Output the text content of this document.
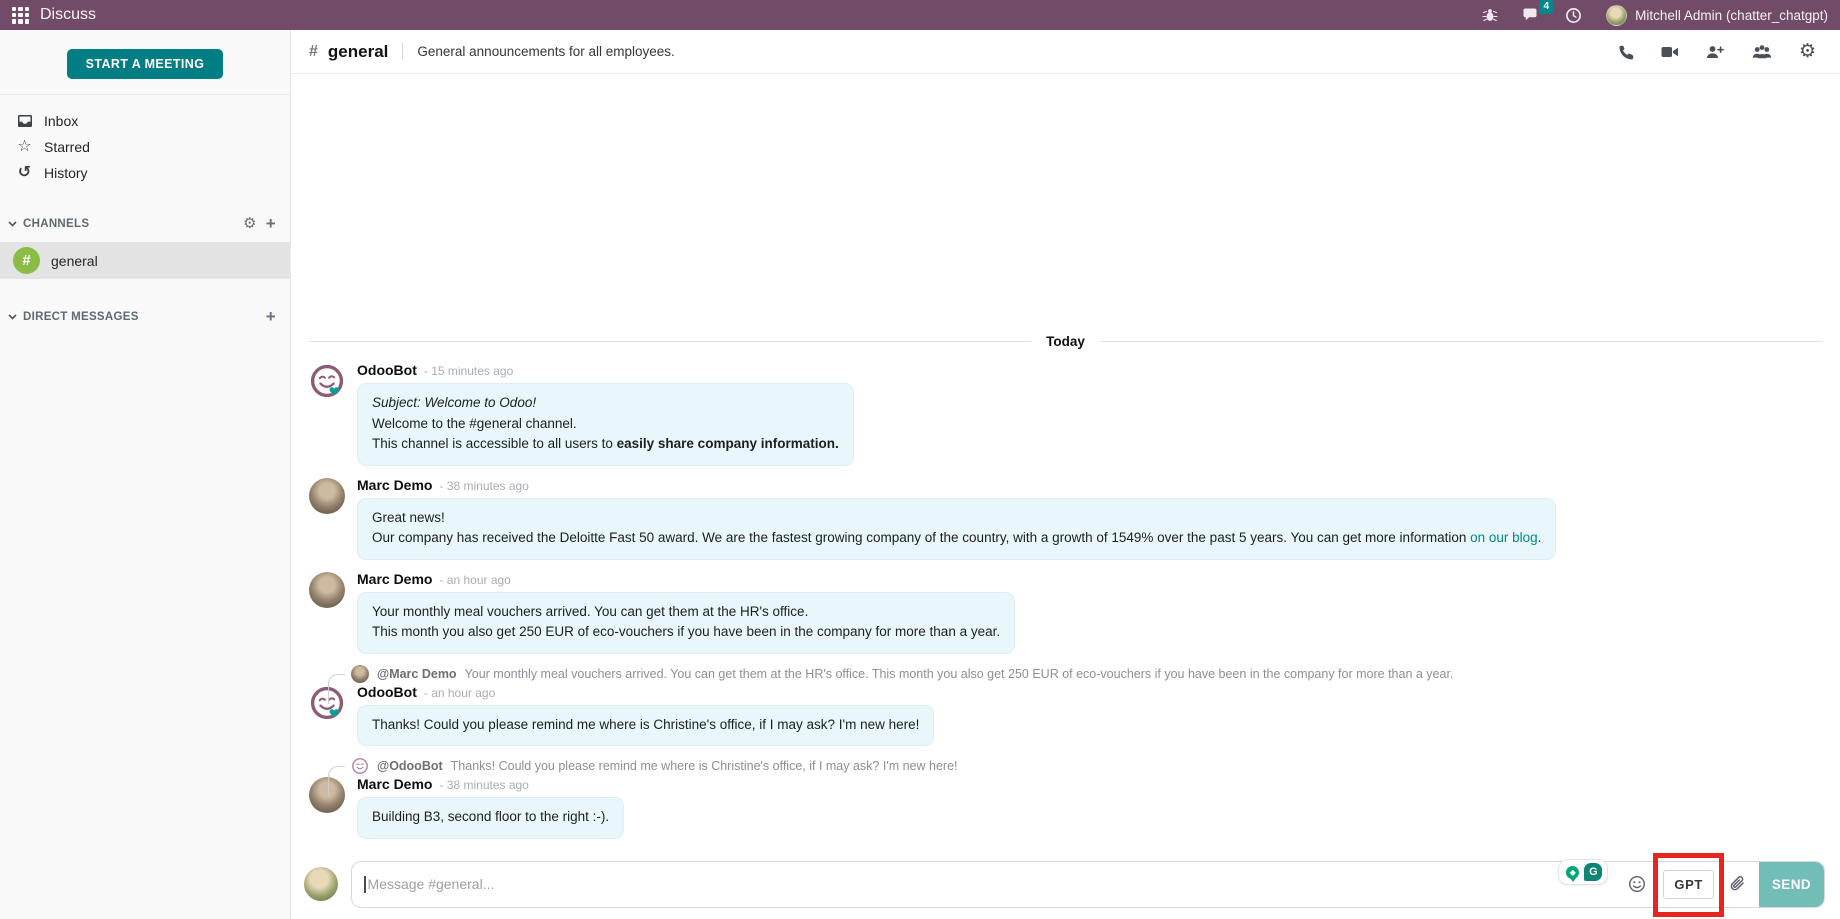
Discuss	4
Mitchell Admin (chatter_chatgpt)
START A MEETING
Inbox
☆ Starred
↺ History
CHANNELS	⚙ +
#	general
DIRECT MESSAGES	+
# general General announcements for all employees.	⚙
Today
OdooBot - 15 minutes ago
Subject: Welcome to Odoo!
Welcome to the #general channel.
This channel is accessible to all users to easily share company information.
Marc Demo - 38 minutes ago
Great news!
Our company has received the Deloitte Fast 50 award. We are the fastest growing company of the country, with a growth of 1549% over the past 5 years. You can get more information on our blog.
Marc Demo - an hour ago
Your monthly meal vouchers arrived. You can get them at the HR's office.
This month you also get 250 EUR of eco-vouchers if you have been in the company for more than a year.
@Marc Demo Your monthly meal vouchers arrived. You can get them at the HR's office. This month you also get 250 EUR of eco-vouchers if you have been in the company for more than a year.
OdooBot - an hour ago
Thanks! Could you please remind me where is Christine's office, if I may ask? I'm new here!
@OdooBot Thanks! Could you please remind me where is Christine's office, if I may ask? I'm new here!
Marc Demo - 38 minutes ago
Building B3, second floor to the right :-).
Message #general...
◆	G
GPT	SEND
